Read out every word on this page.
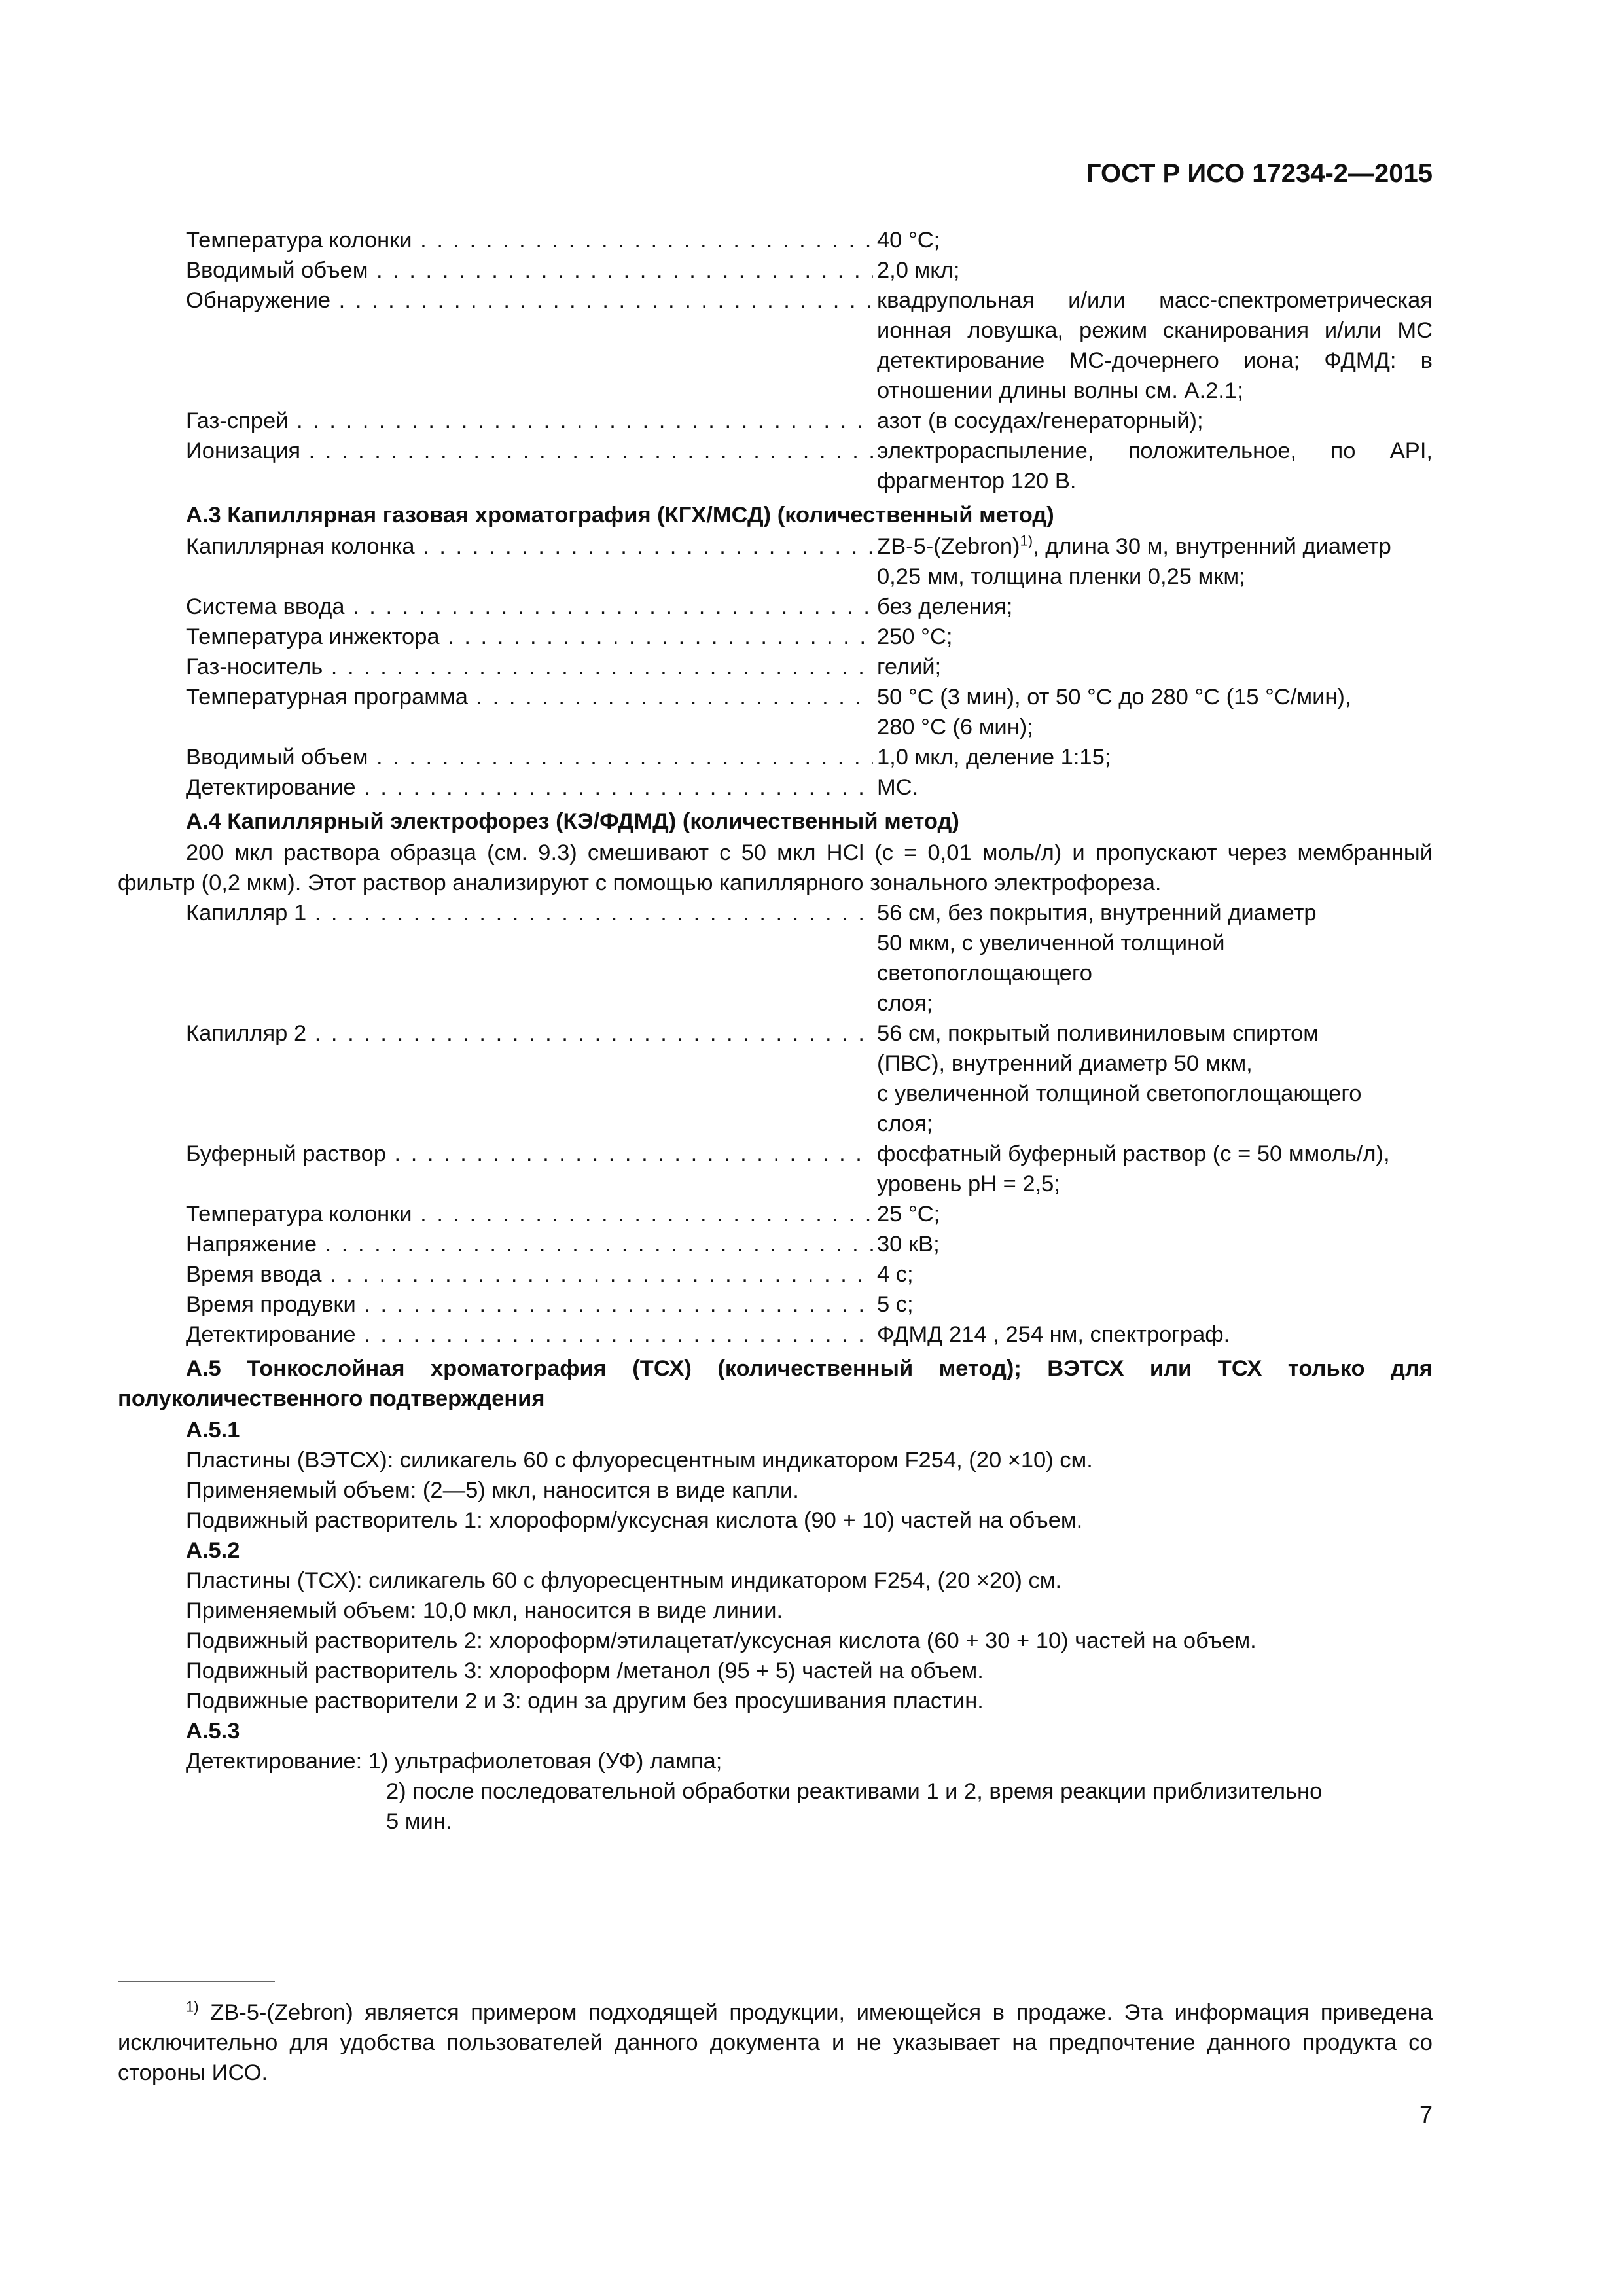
ГОСТ Р ИСО 17234-2—2015
Температура колонки . . .	40 °C;
Вводимый объем . . .	2,0 мкл;
Обнаружение . . .	квадрупольная и/или масс-спектрометрическая ионная ловушка, режим сканирования и/или МС детектирование МС-дочернего иона; ФДМД: в отношении длины волны см. А.2.1;
Газ-спрей . . .	азот (в сосудах/генераторный);
Ионизация . . .	электрораспыление, положительное, по API, фрагментор 120 В.
А.3 Капиллярная газовая хроматография (КГХ/МСД) (количественный метод)
Капиллярная колонка . . .	ZB-5-(Zebron)$^{1)}$, длина 30 м, внутренний диаметр 0,25 мм, толщина пленки 0,25 мкм;
Система ввода . . .	без деления;
Температура инжектора . . .	250 °C;
Газ-носитель . . .	гелий;
Температурная программа . . .	50 °C (3 мин), от 50 °C до 280 °C (15 °C/мин),
280 °C (6 мин);
Вводимый объем . . .	1,0 мкл, деление 1:15;
Детектирование . . .	МС.
А.4 Капиллярный электрофорез (КЭ/ФДМД) (количественный метод)
200 мкл раствора образца (см. 9.3) смешивают с 50 мкл HCl (c = 0,01 моль/л) и пропускают через мембранный фильтр (0,2 мкм). Этот раствор анализируют с помощью капиллярного зонального электрофореза.
Капилляр 1 . . .	56 см, без покрытия, внутренний диаметр
50 мкм, с увеличенной толщиной светопоглощающего
слоя;
Капилляр 2 . . .	56 см, покрытый поливиниловым спиртом
(ПВС), внутренний диаметр 50 мкм,
с увеличенной толщиной светопоглощающего
слоя;
Буферный раствор . . .	фосфатный буферный раствор (c = 50 ммоль/л),
уровень pH = 2,5;
Температура колонки . . .	25 °C;
Напряжение . . .	30 кВ;
Время ввода . . .	4 с;
Время продувки . . .	5 с;
Детектирование . . .	ФДМД 214 , 254 нм, спектрограф.
А.5 Тонкослойная хроматография (ТСХ) (количественный метод); ВЭТСХ или ТСХ только для полуколичественного подтверждения
А.5.1
Пластины (ВЭТСХ): силикагель 60 с флуоресцентным индикатором F254, (20 ×10) см.
Применяемый объем: (2—5) мкл, наносится в виде капли.
Подвижный растворитель 1: хлороформ/уксусная кислота (90 + 10) частей на объем.
А.5.2
Пластины (ТСХ): силикагель 60 с флуоресцентным индикатором F254, (20 ×20) см.
Применяемый объем: 10,0 мкл, наносится в виде линии.
Подвижный растворитель 2: хлороформ/этилацетат/уксусная кислота (60 + 30 + 10) частей на объем.
Подвижный растворитель 3: хлороформ /метанол (95 + 5) частей на объем.
Подвижные растворители 2 и 3: один за другим без просушивания пластин.
А.5.3
Детектирование: 1) ультрафиолетовая (УФ) лампа;
2) после последовательной обработки реактивами 1 и 2, время реакции приблизительно
5 мин.
$^{1)}$ ZB-5-(Zebron) является примером подходящей продукции, имеющейся в продаже. Эта информация приведена исключительно для удобства пользователей данного документа и не указывает на предпочтение данного продукта со стороны ИСО.
7
